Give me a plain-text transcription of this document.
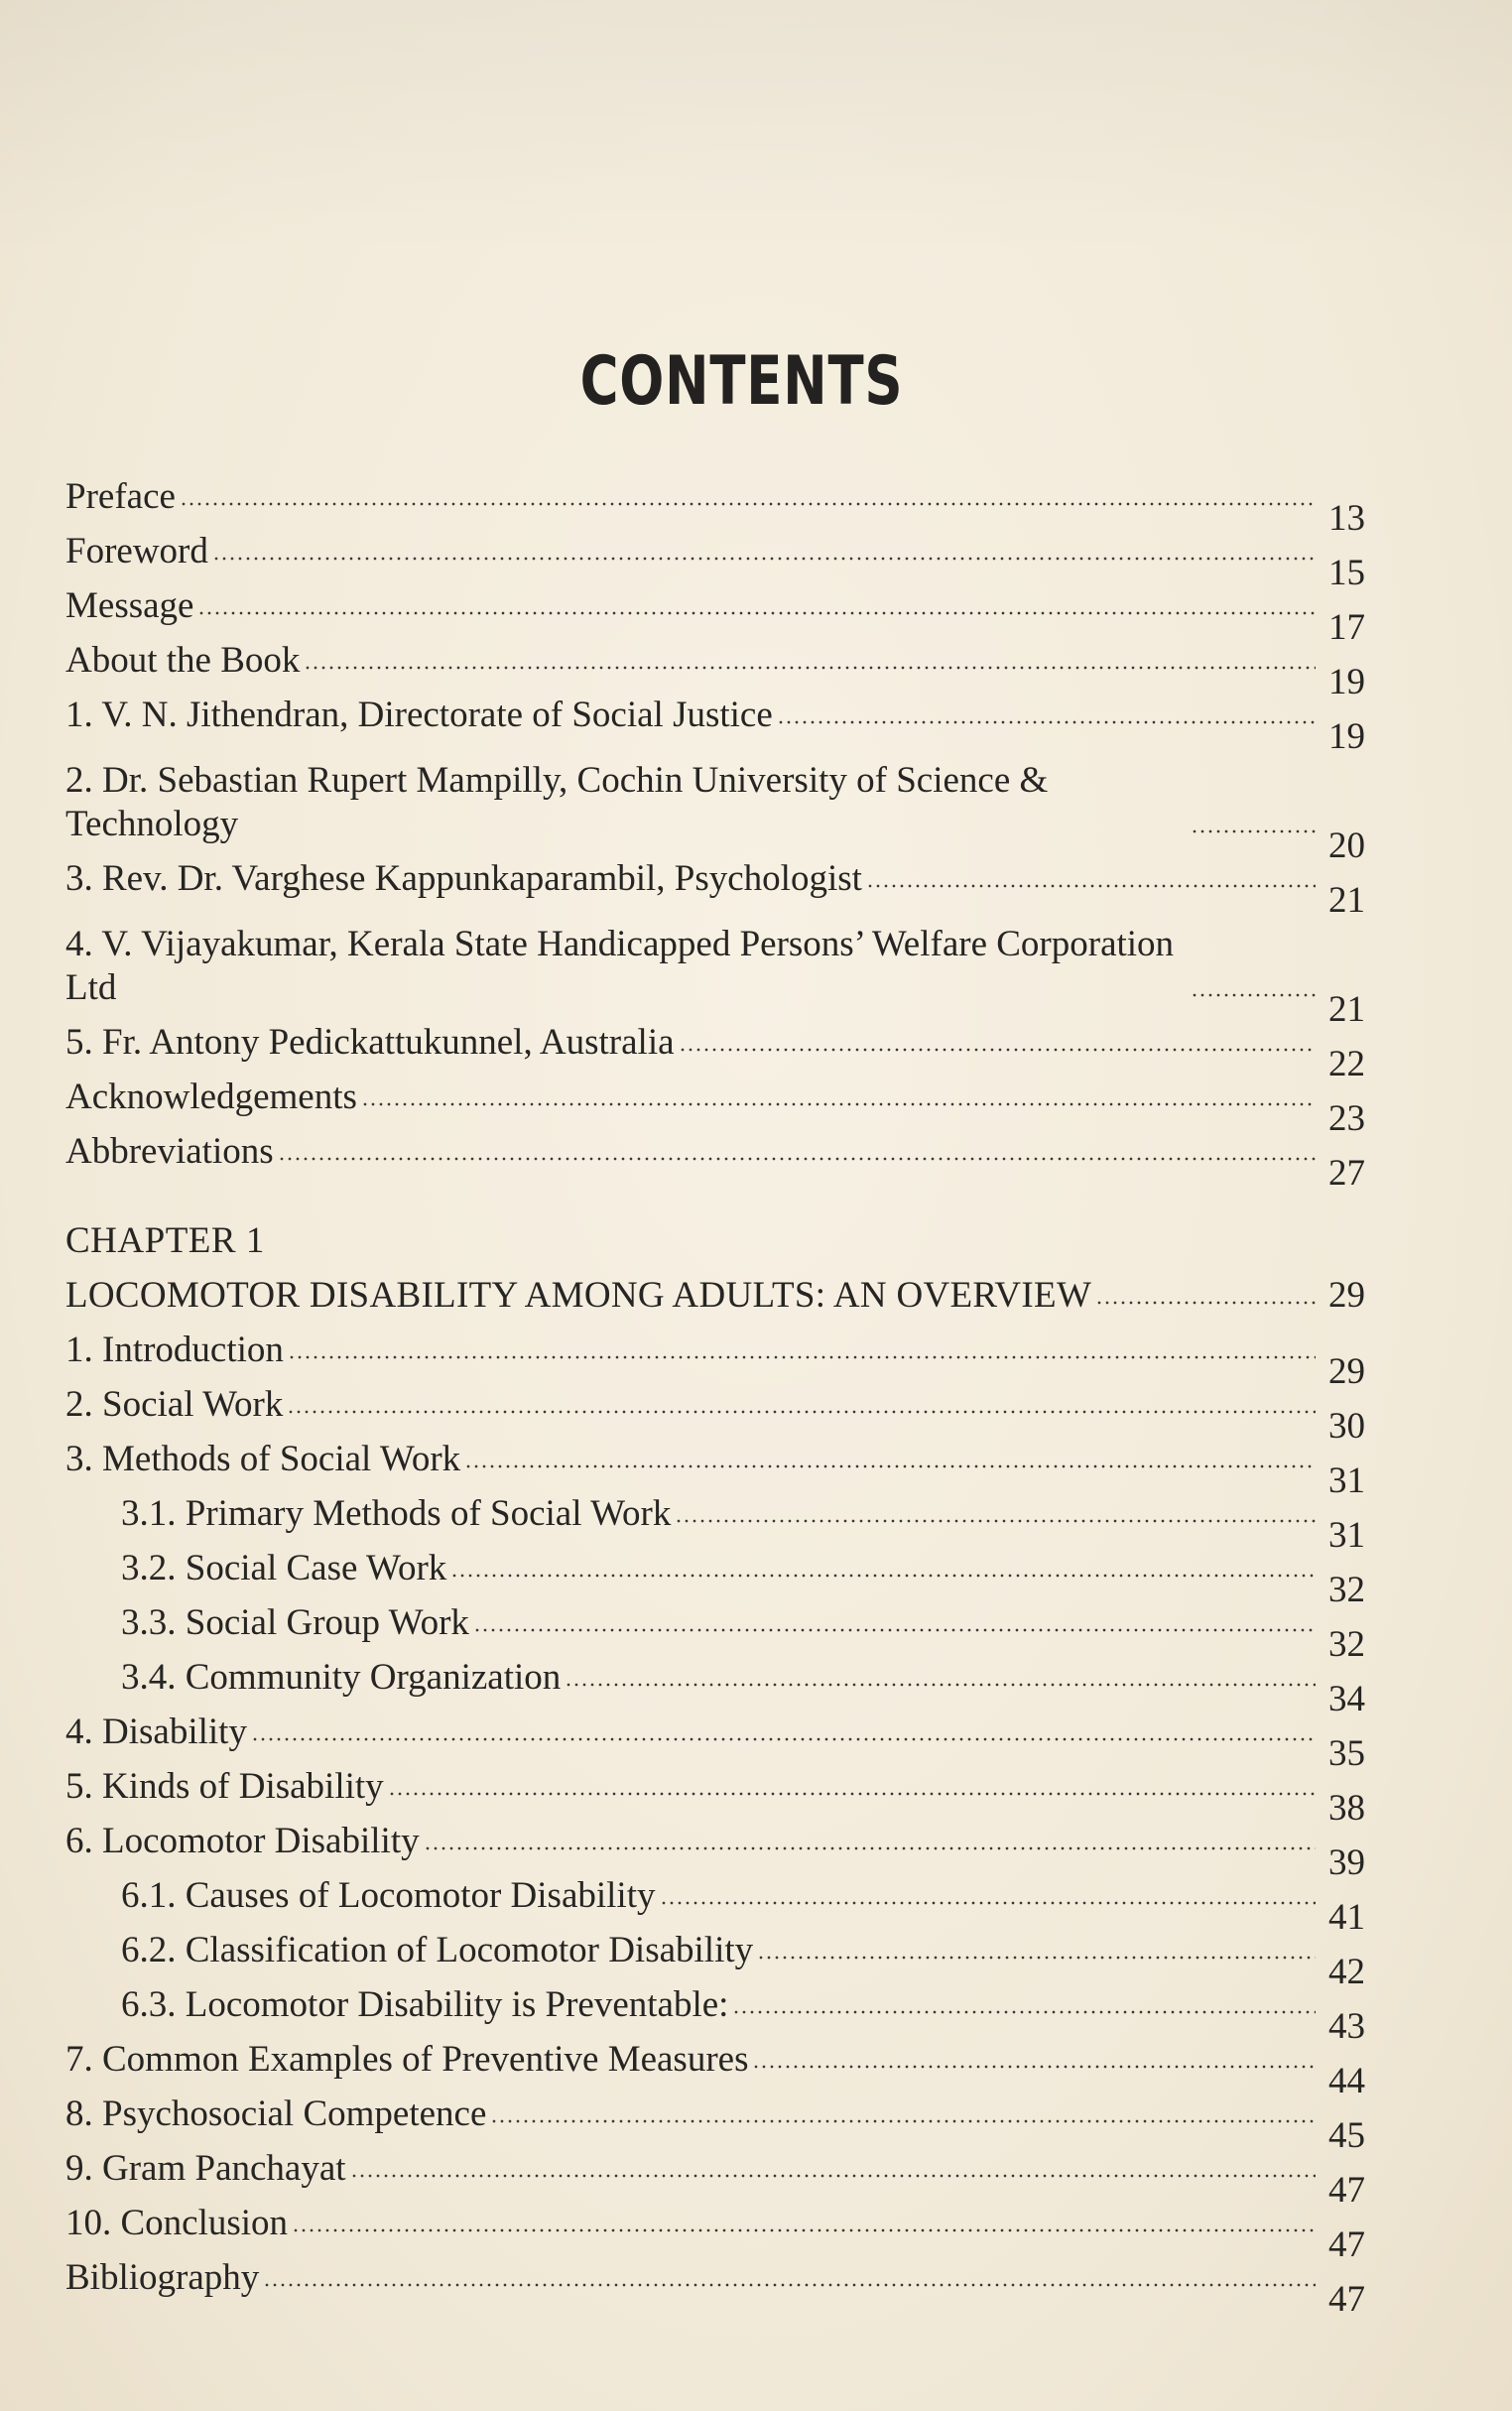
CONTENTS
Preface
13
Foreword
15
Message
17
About the Book
19
1. V. N. Jithendran, Directorate of Social Justice
19
2. Dr. Sebastian Rupert Mampilly, Cochin University of Science & Technology
20
3. Rev. Dr. Varghese Kappunkaparambil, Psychologist
21
4. V. Vijayakumar, Kerala State Handicapped Persons’ Welfare Corporation Ltd
21
5. Fr. Antony Pedickattukunnel, Australia
22
Acknowledgements
23
Abbreviations
27
CHAPTER 1
LOCOMOTOR DISABILITY AMONG ADULTS: AN OVERVIEW	29
1. Introduction
29
2. Social Work
30
3. Methods of Social Work
31
3.1. Primary Methods of Social Work
31
3.2. Social Case Work
32
3.3. Social Group Work
32
3.4. Community Organization
34
4. Disability
35
5. Kinds of Disability
38
6. Locomotor Disability
39
6.1. Causes of Locomotor Disability
41
6.2. Classification of Locomotor Disability
42
6.3. Locomotor Disability is Preventable:
43
7. Common Examples of Preventive Measures
44
8. Psychosocial Competence
45
9. Gram Panchayat
47
10. Conclusion
47
Bibliography
47
